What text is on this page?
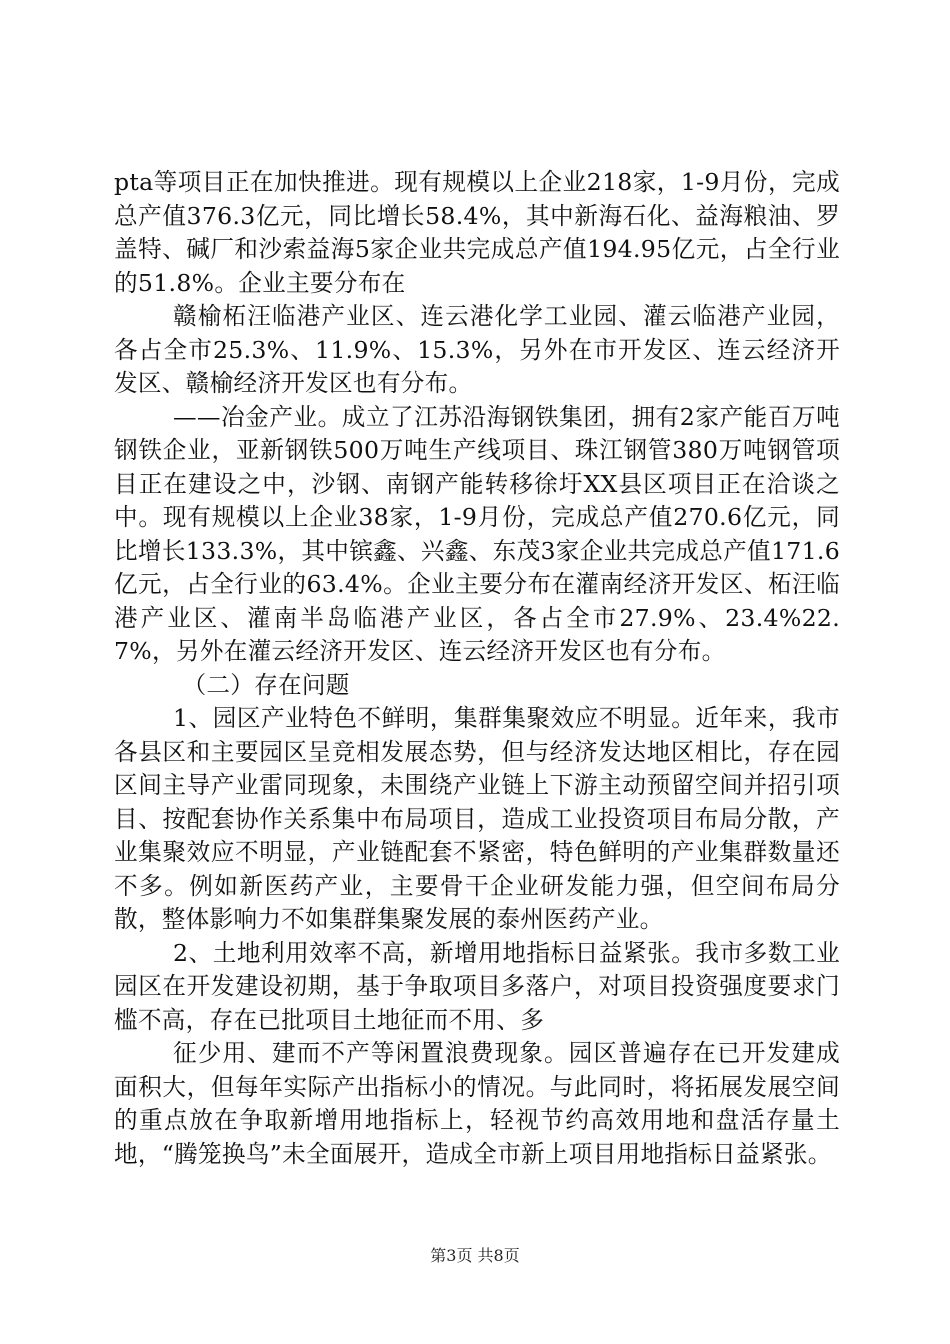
pta等项目正在加快推进。现有规模以上企业218家，1-9月份，完成总产值376.3亿元，同比增长58.4%，其中新海石化、益海粮油、罗盖特、碱厂和沙索益海5家企业共完成总产值194.95亿元，占全行业的51.8%。企业主要分布在

赣榆柘汪临港产业区、连云港化学工业园、灌云临港产业园，各占全市25.3%、11.9%、15.3%，另外在市开发区、连云经济开发区、赣榆经济开发区也有分布。

——冶金产业。成立了江苏沿海钢铁集团，拥有2家产能百万吨钢铁企业，亚新钢铁500万吨生产线项目、珠江钢管380万吨钢管项目正在建设之中，沙钢、南钢产能转移徐圩XX县区项目正在洽谈之中。现有规模以上企业38家，1-9月份，完成总产值270.6亿元，同比增长133.3%，其中镔鑫、兴鑫、东茂3家企业共完成总产值171.6亿元，占全行业的63.4%。企业主要分布在灌南经济开发区、柘汪临港产业区、灌南半岛临港产业区，各占全市27.9%、23.4%22.7%，另外在灌云经济开发区、连云经济开发区也有分布。

（二）存在问题

1、园区产业特色不鲜明，集群集聚效应不明显。近年来，我市各县区和主要园区呈竞相发展态势，但与经济发达地区相比，存在园区间主导产业雷同现象，未围绕产业链上下游主动预留空间并招引项目、按配套协作关系集中布局项目，造成工业投资项目布局分散，产业集聚效应不明显，产业链配套不紧密，特色鲜明的产业集群数量还不多。例如新医药产业，主要骨干企业研发能力强，但空间布局分散，整体影响力不如集群集聚发展的泰州医药产业。

2、土地利用效率不高，新增用地指标日益紧张。我市多数工业园区在开发建设初期，基于争取项目多落户，对项目投资强度要求门槛不高，存在已批项目土地征而不用、多

征少用、建而不产等闲置浪费现象。园区普遍存在已开发建成面积大，但每年实际产出指标小的情况。与此同时，将拓展发展空间的重点放在争取新增用地指标上，轻视节约高效用地和盘活存量土地，“腾笼换鸟”未全面展开，造成全市新上项目用地指标日益紧张。

第3页 共8页
